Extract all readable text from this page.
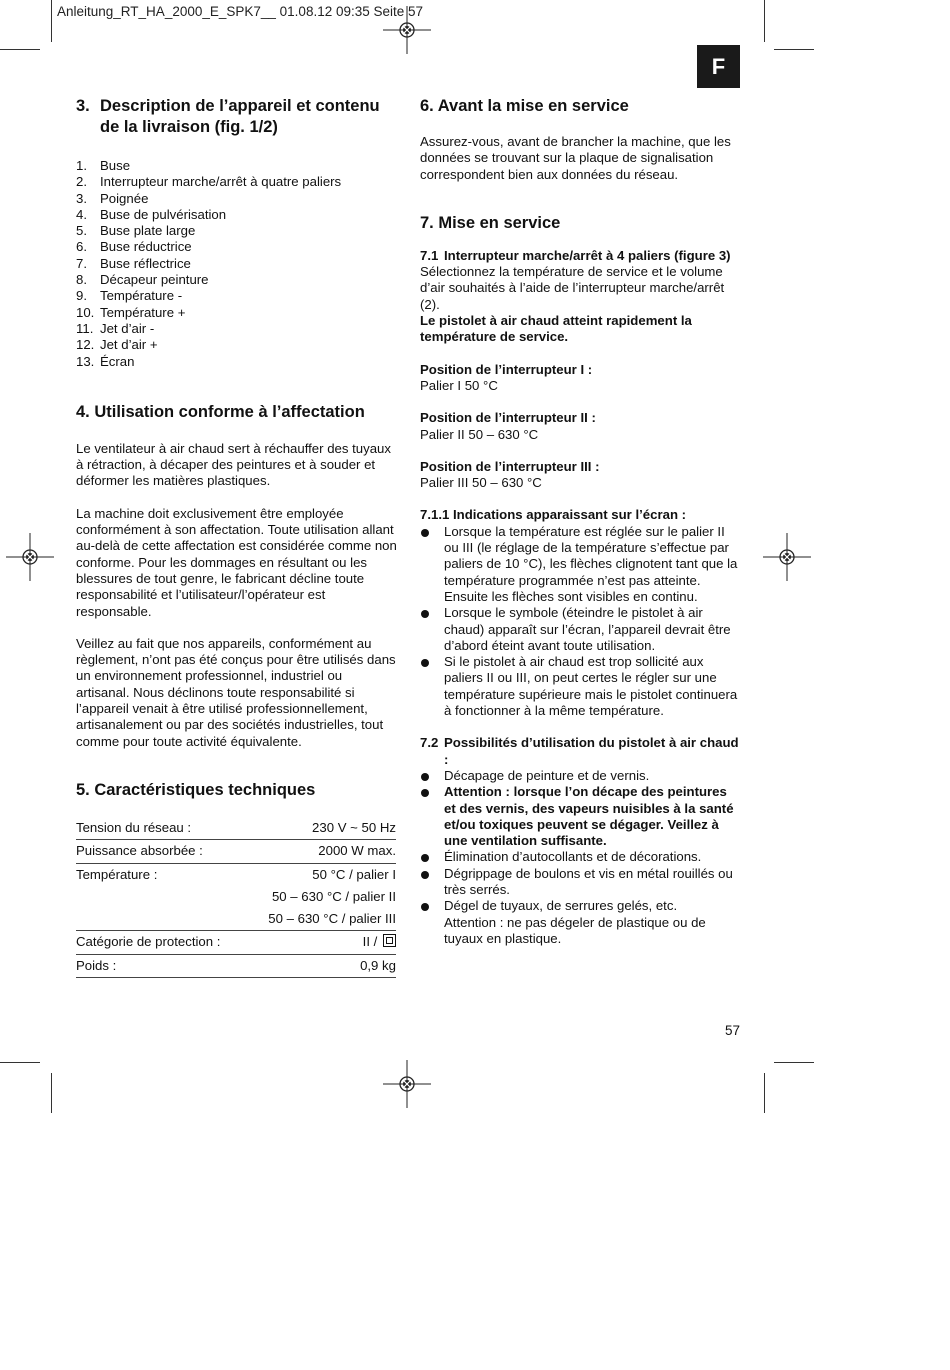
Anleitung_RT_HA_2000_E_SPK7__ 01.08.12 09:35 Seite 57
F
3. Description de l’appareil et contenu de la livraison (fig. 1/2)
1. Buse
2. Interrupteur marche/arrêt à quatre paliers
3. Poignée
4. Buse de pulvérisation
5. Buse plate large
6. Buse réductrice
7. Buse réflectrice
8. Décapeur peinture
9. Température -
10. Température +
11. Jet d’air -
12. Jet d’air +
13. Écran
4. Utilisation conforme à l’affectation

Le ventilateur à air chaud sert à réchauffer des tuyaux à rétraction, à décaper des peintures et à souder et déformer les matières plastiques.

La machine doit exclusivement être employée conformément à son affectation. Toute utilisation allant au-delà de cette affectation est considérée comme non conforme. Pour les dommages en résultant ou les blessures de tout genre, le fabricant décline toute responsabilité et l’utilisateur/l’opérateur est responsable.

Veillez au fait que nos appareils, conformément au règlement, n’ont pas été conçus pour être utilisés dans un environnement professionnel, industriel ou artisanal. Nous déclinons toute responsabilité si l’appareil venait à être utilisé professionnellement, artisanalement ou par des sociétés industrielles, tout comme pour toute activité équivalente.

5. Caractéristiques techniques
Tension du réseau :	230 V ~ 50 Hz
Puissance absorbée :	2000 W max.
Température :	50 °C / palier I
	50 – 630 °C / palier II
	50 – 630 °C / palier III
Catégorie de protection :	II /
Poids :	0,9 kg
6. Avant la mise en service

Assurez-vous, avant de brancher la machine, que les données se trouvant sur la plaque de signalisation correspondent bien aux données du réseau.

7. Mise en service
7.1 Interrupteur marche/arrêt à 4 paliers (figure 3)

Sélectionnez la température de service et le volume d’air souhaités à l’aide de l’interrupteur marche/arrêt (2).

Le pistolet à air chaud atteint rapidement la température de service.

Position de l’interrupteur I :

Palier I 50 °C

Position de l’interrupteur II :

Palier II 50 – 630 °C

Position de l’interrupteur III :

Palier III 50 – 630 °C

7.1.1 Indications apparaissant sur l’écran :

Lorsque la température est réglée sur le palier II ou III (le réglage de la température s’effectue par paliers de 10 °C), les flèches clignotent tant que la température programmée n’est pas atteinte. Ensuite les flèches sont visibles en continu.
Lorsque le symbole (éteindre le pistolet à air chaud) apparaît sur l’écran, l’appareil devrait être d’abord éteint avant toute utilisation.
Si le pistolet à air chaud est trop sollicité aux paliers II ou III, on peut certes le régler sur une température supérieure mais le pistolet continuera à fonctionner à la même température.
7.2 Possibilités d’utilisation du pistolet à air chaud :
Décapage de peinture et de vernis.
Attention : lorsque l’on décape des peintures et des vernis, des vapeurs nuisibles à la santé et/ou toxiques peuvent se dégager. Veillez à une ventilation suffisante.
Élimination d’autocollants et de décorations.
Dégrippage de boulons et vis en métal rouillés ou très serrés.
Dégel de tuyaux, de serrures gelés, etc.
Attention : ne pas dégeler de plastique ou de tuyaux en plastique.
57
